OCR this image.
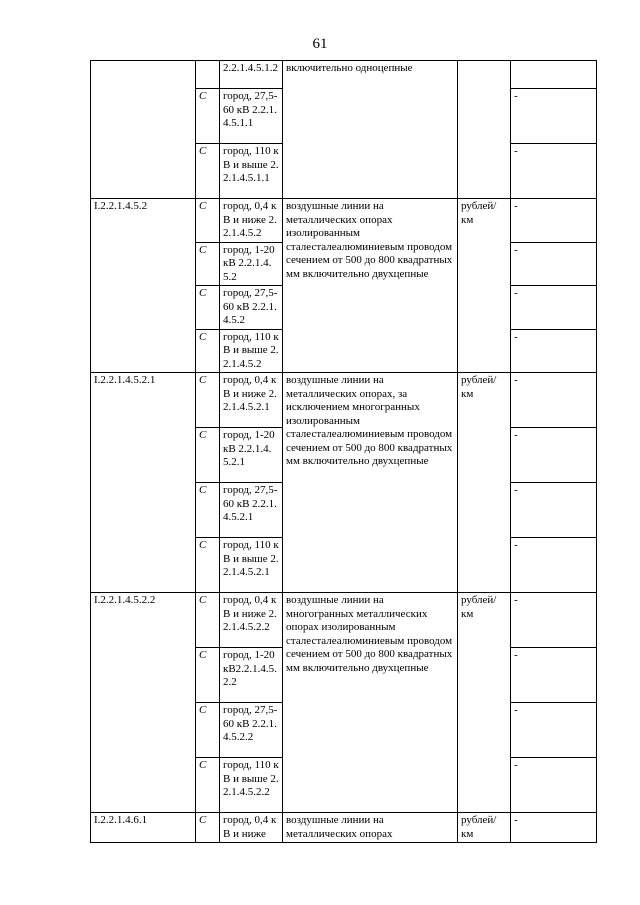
61
		2.2.1.4.5.1.2	включительно одноцепные		
	С	город, 27,5-60 кВ 2.2.1.4.5.1.1			-
	С	город, 110 кВ и выше 2.2.1.4.5.1.1			-
I.2.2.1.4.5.2	С	город, 0,4 кВ и ниже 2.2.1.4.5.2	воздушные линии на металлических опорах изолированным сталесталеалюминиевым проводом сечением от 500 до 800 квадратных мм включительно двухцепные	рублей/км	-
	С	город, 1-20 кВ 2.2.1.4.5.2			-
	С	город, 27,5-60 кВ 2.2.1.4.5.2			-
	С	город, 110 кВ и выше 2.2.1.4.5.2			-
I.2.2.1.4.5.2.1	С	город, 0,4 кВ и ниже 2.2.1.4.5.2.1	воздушные линии на металлических опорах, за исключением многогранных изолированным сталесталеалюминиевым проводом сечением от 500 до 800 квадратных мм включительно двухцепные	рублей/км	-
	С	город, 1-20 кВ 2.2.1.4.5.2.1			-
	С	город, 27,5-60 кВ 2.2.1.4.5.2.1			-
	С	город, 110 кВ и выше 2.2.1.4.5.2.1			-
I.2.2.1.4.5.2.2	С	город, 0,4 кВ и ниже 2.2.1.4.5.2.2	воздушные линии на многогранных металлических опорах изолированным сталесталеалюминиевым проводом сечением от 500 до 800 квадратных мм включительно двухцепные	рублей/км	-
	С	город, 1-20 кВ2.2.1.4.5.2.2			-
	С	город, 27,5-60 кВ 2.2.1.4.5.2.2			-
	С	город, 110 кВ и выше 2.2.1.4.5.2.2			-
I.2.2.1.4.6.1	С	город, 0,4 кВ и ниже	воздушные линии на металлических опорах	рублей/км	-
